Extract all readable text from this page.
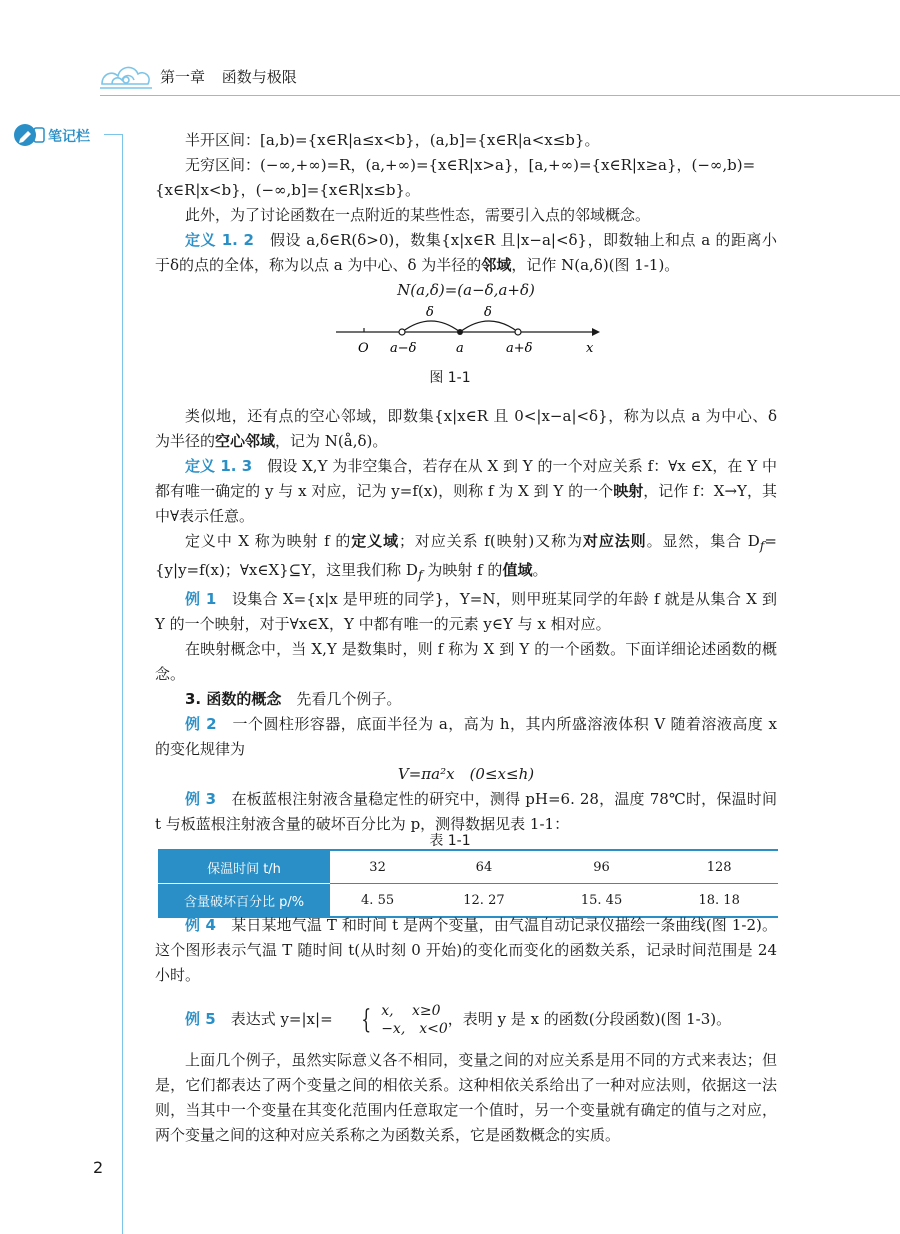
第一章 函数与极限
笔记栏	半开区间：[a,b)={x∈R|a≤x<b}，(a,b]={x∈R|a<x≤b}。

无穷区间：(−∞,+∞)=R，(a,+∞)={x∈R|x>a}，[a,+∞)={x∈R|x≥a}，(−∞,b)=

{x∈R|x<b}，(−∞,b]={x∈R|x≤b}。

此外，为了讨论函数在一点附近的某些性态，需要引入点的邻域概念。

定义 1. 2　 假设 a,δ∈R(δ>0)，数集{x|x∈R 且|x−a|<δ}，即数轴上和点 a 的距离小于δ的点的全体，称为以点 a 为中心、δ 为半径的邻域，记作 N(a,δ)(图 1-1)。

N(a,δ)=(a−δ,a+δ)

δ	δ
O a−δ	a	a+δ	x
图 1-1

类似地，还有点的空心邻域，即数集{x|x∈R 且 0<|x−a|<δ}，称为以点 a 为中心、δ 为半径的空心邻域，记为 N(å,δ)。

定义 1. 3　 假设 X,Y 为非空集合，若存在从 X 到 Y 的一个对应关系 f：∀x ∈X，在 Y 中都有唯一确定的 y 与 x 对应，记为 y=f(x)，则称 f 为 X 到 Y 的一个映射，记作 f：X→Y，其中∀表示任意。

定义中 X 称为映射 f 的定义域；对应关系 f(映射)又称为对应法则。显然，集合 $D_f=\{y|y=f(x)$；∀x∈X}⊆Y，这里我们称 $D_f$ 为映射 f 的值域。

例 1　 设集合 X={x|x 是甲班的同学}，Y=N，则甲班某同学的年龄 f 就是从集合 X 到 Y 的一个映射，对于∀x∈X，Y 中都有唯一的元素 y∈Y 与 x 相对应。

在映射概念中，当 X,Y 是数集时，则 f 称为 X 到 Y 的一个函数。下面详细论述函数的概念。

3. 函数的概念　 先看几个例子。

例 2　 一个圆柱形容器，底面半径为 a，高为 h，其内所盛溶液体积 V 随着溶液高度 x 的变化规律为

V=πa²x　(0≤x≤h)

例 3　 在板蓝根注射液含量稳定性的研究中，测得 pH=6. 28，温度 78℃时，保温时间 t 与板蓝根注射液含量的破坏百分比为 p，测得数据见表 1-1：

表 1-1
保温时间 t/h	32	64	96	128
含量破坏百分比 p/%	4. 55	12. 27	15. 45	18. 18

例 4　 某日某地气温 T 和时间 t 是两个变量，由气温自动记录仪描绘一条曲线(图 1-2)。这个图形表示气温 T 随时间 t(从时刻 0 开始)的变化而变化的函数关系，记录时间范围是 24 小时。

例 5　 表达式 y=|x|= { x,　 x≥0
−x,　x<0，表明 y 是 x 的函数(分段函数)(图 1-3)。

上面几个例子，虽然实际意义各不相同，变量之间的对应关系是用不同的方式来表达；但是，它们都表达了两个变量之间的相依关系。这种相依关系给出了一种对应法则，依据这一法则，当其中一个变量在其变化范围内任意取定一个值时，另一个变量就有确定的值与之对应，两个变量之间的这种对应关系称之为函数关系，它是函数概念的实质。

2
